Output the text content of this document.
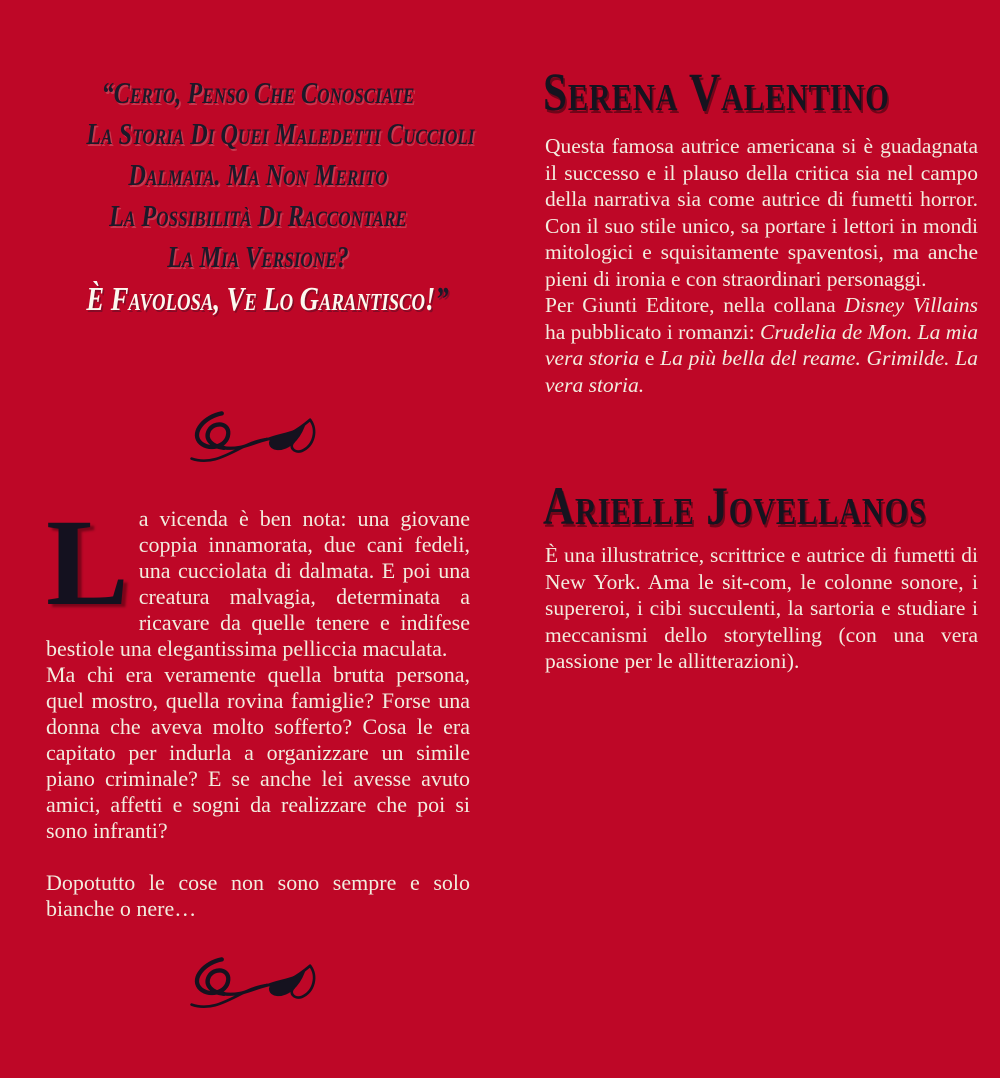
“Certo, Penso Che Conosciate
La Storia Di Quei Maledetti Cuccioli
Dalmata. Ma Non Merito
La Possibilità Di Raccontare
La Mia Versione?
È Favolosa, Ve Lo Garantisco!”

La vicenda è ben nota: una giovane coppia innamorata, due cani fedeli, una cucciolata di dalmata. E poi una creatura malvagia, determinata a ricavare da quelle tenere e indifese bestiole una elegantissima pelliccia maculata.

Ma chi era veramente quella brutta persona, quel mostro, quella rovina famiglie? Forse una donna che aveva molto sofferto? Cosa le era capitato per indurla a organizzare un simile piano criminale? E se anche lei avesse avuto amici, affetti e sogni da realizzare che poi si sono infranti?

Dopotutto le cose non sono sempre e solo bianche o nere…

Serena Valentino

Questa famosa autrice americana si è guadagnata il successo e il plauso della critica sia nel campo della narrativa sia come autrice di fumetti horror. Con il suo stile unico, sa portare i lettori in mondi mitologici e squisitamente spaventosi, ma anche pieni di ironia e con straordinari personaggi.

Per Giunti Editore, nella collana Disney Villains ha pubblicato i romanzi: Crudelia de Mon. La mia vera storia e La più bella del reame. Grimilde. La vera storia.

Arielle Jovellanos

È una illustratrice, scrittrice e autrice di fumetti di New York. Ama le sit-com, le colonne sonore, i supereroi, i cibi succulenti, la sartoria e studiare i meccanismi dello storytelling (con una vera passione per le allitterazioni).
